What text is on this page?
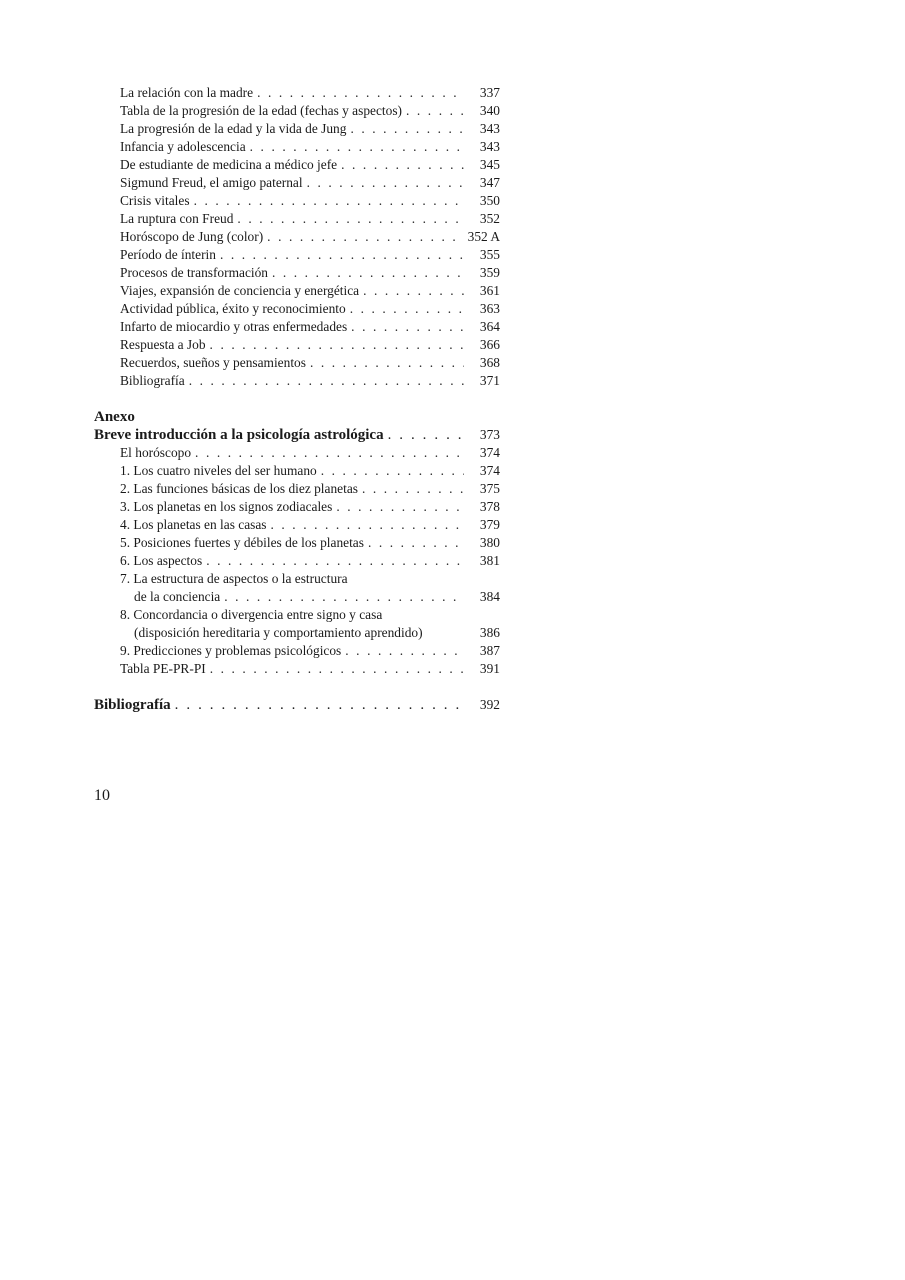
La relación con la madre . . .	337
Tabla de la progresión de la edad (fechas y aspectos) . . .	340
La progresión de la edad y la vida de Jung . . .	343
Infancia y adolescencia . . .	343
De estudiante de medicina a médico jefe . . .	345
Sigmund Freud, el amigo paternal . . .	347
Crisis vitales . . .	350
La ruptura con Freud . . .	352
Horóscopo de Jung (color) . . .	352 A
Período de ínterin . . .	355
Procesos de transformación . . .	359
Viajes, expansión de conciencia y energética . . .	361
Actividad pública, éxito y reconocimiento . . .	363
Infarto de miocardio y otras enfermedades . . .	364
Respuesta a Job . . .	366
Recuerdos, sueños y pensamientos . . .	368
Bibliografía . . .	371
Anexo
Breve introducción a la psicología astrológica . . .	373
El horóscopo . . .	374
1. Los cuatro niveles del ser humano . . .	374
2. Las funciones básicas de los diez planetas . . .	375
3. Los planetas en los signos zodiacales . . .	378
4. Los planetas en las casas . . .	379
5. Posiciones fuertes y débiles de los planetas . . .	380
6. Los aspectos . . .	381
7. La estructura de aspectos o la estructura
de la conciencia . . .	384
8. Concordancia o divergencia entre signo y casa
(disposición hereditaria y comportamiento aprendido)	386
9. Predicciones y problemas psicológicos . . .	387
Tabla PE-PR-PI . . .	391
Bibliografía . . .	392
10
